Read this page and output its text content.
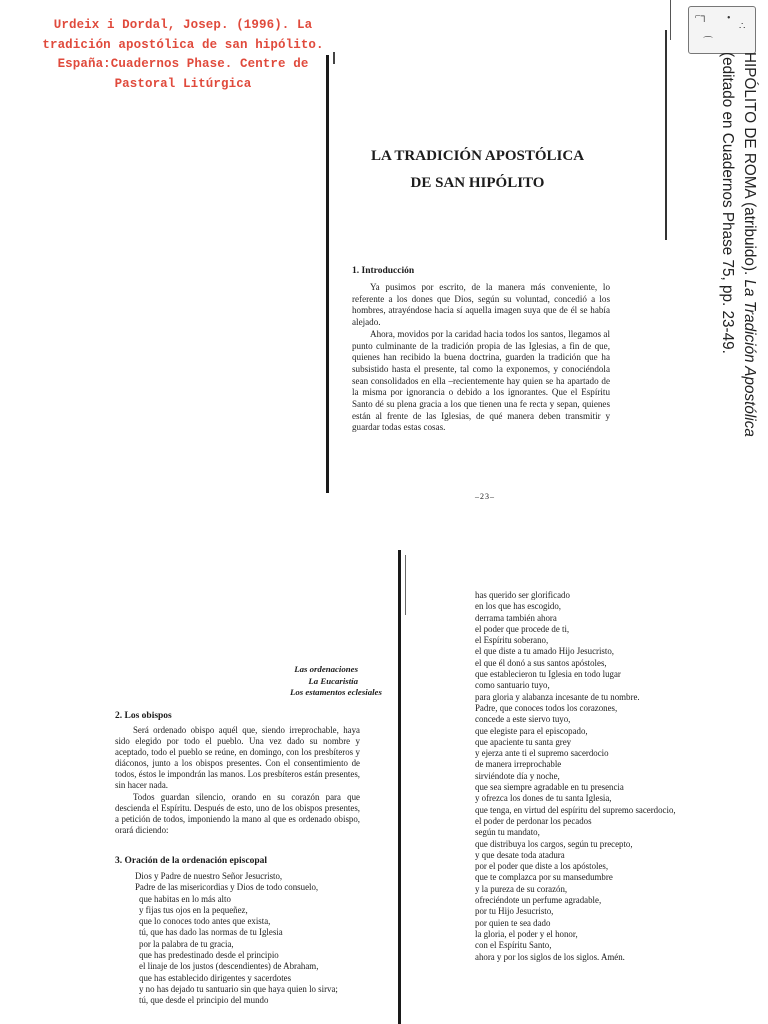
Urdeix i Dordal, Josep. (1996). La
tradición apostólica de san hipólito.
España:Cuadernos Phase. Centre de
Pastoral Litúrgica
⌐┐ •
∴
⌒
HIPÓLITO DE ROMA (atribuido). La Tradición Apostólica
(editado en Cuadernos Phase 75, pp. 23-49.
LA TRADICIÓN APOSTÓLICA
DE SAN HIPÓLITO
1. Introducción

Ya pusimos por escrito, de la manera más conveniente, lo referente a los dones que Dios, según su voluntad, concedió a los hombres, atrayéndose hacia sí aquella imagen suya que de él se había alejado.

Ahora, movidos por la caridad hacia todos los santos, llegamos al punto culminante de la tradición propia de las Iglesias, a fin de que, quienes han recibido la buena doctrina, guarden la tradición que ha subsistido hasta el presente, tal como la exponemos, y conociéndola sean consolidados en ella –recientemente hay quien se ha apartado de la misma por ignorancia o debido a los ignorantes. Que el Espíritu Santo dé su plena gracia a los que tienen una fe recta y sepan, quienes están al frente de las Iglesias, de qué manera deben transmitir y guardar todas estas cosas.

–23–
Las ordenaciones
La Eucaristía
Los estamentos eclesiales
2. Los obispos

Será ordenado obispo aquél que, siendo irreprochable, haya sido elegido por todo el pueblo. Una vez dado su nombre y aceptado, todo el pueblo se reúne, en domingo, con los presbíteros y diáconos, junto a los obispos presentes. Con el consentimiento de todos, éstos le impondrán las manos. Los presbíteros están presentes, sin hacer nada.

Todos guardan silencio, orando en su corazón para que descienda el Espíritu. Después de esto, uno de los obispos presentes, a petición de todos, imponiendo la mano al que es ordenado obispo, orará diciendo:

3. Oración de la ordenación episcopal
Dios y Padre de nuestro Señor Jesucristo,
Padre de las misericordias y Dios de todo consuelo,
que habitas en lo más alto
y fijas tus ojos en la pequeñez,
que lo conoces todo antes que exista,
tú, que has dado las normas de tu Iglesia
por la palabra de tu gracia,
que has predestinado desde el principio
el linaje de los justos (descendientes) de Abraham,
que has establecido dirigentes y sacerdotes
y no has dejado tu santuario sin que haya quien lo sirva;
tú, que desde el principio del mundo
has querido ser glorificado
en los que has escogido,
derrama también ahora
el poder que procede de ti,
el Espíritu soberano,
el que diste a tu amado Hijo Jesucristo,
el que él donó a sus santos apóstoles,
que establecieron tu Iglesia en todo lugar
como santuario tuyo,
para gloria y alabanza incesante de tu nombre.
Padre, que conoces todos los corazones,
concede a este siervo tuyo,
que elegiste para el episcopado,
que apaciente tu santa grey
y ejerza ante ti el supremo sacerdocio
de manera irreprochable
sirviéndote día y noche,
que sea siempre agradable en tu presencia
y ofrezca los dones de tu santa Iglesia,
que tenga, en virtud del espíritu del supremo sacerdocio,
el poder de perdonar los pecados
según tu mandato,
que distribuya los cargos, según tu precepto,
y que desate toda atadura
por el poder que diste a los apóstoles,
que te complazca por su mansedumbre
y la pureza de su corazón,
ofreciéndote un perfume agradable,
por tu Hijo Jesucristo,
por quien te sea dado
la gloria, el poder y el honor,
con el Espíritu Santo,
ahora y por los siglos de los siglos. Amén.
